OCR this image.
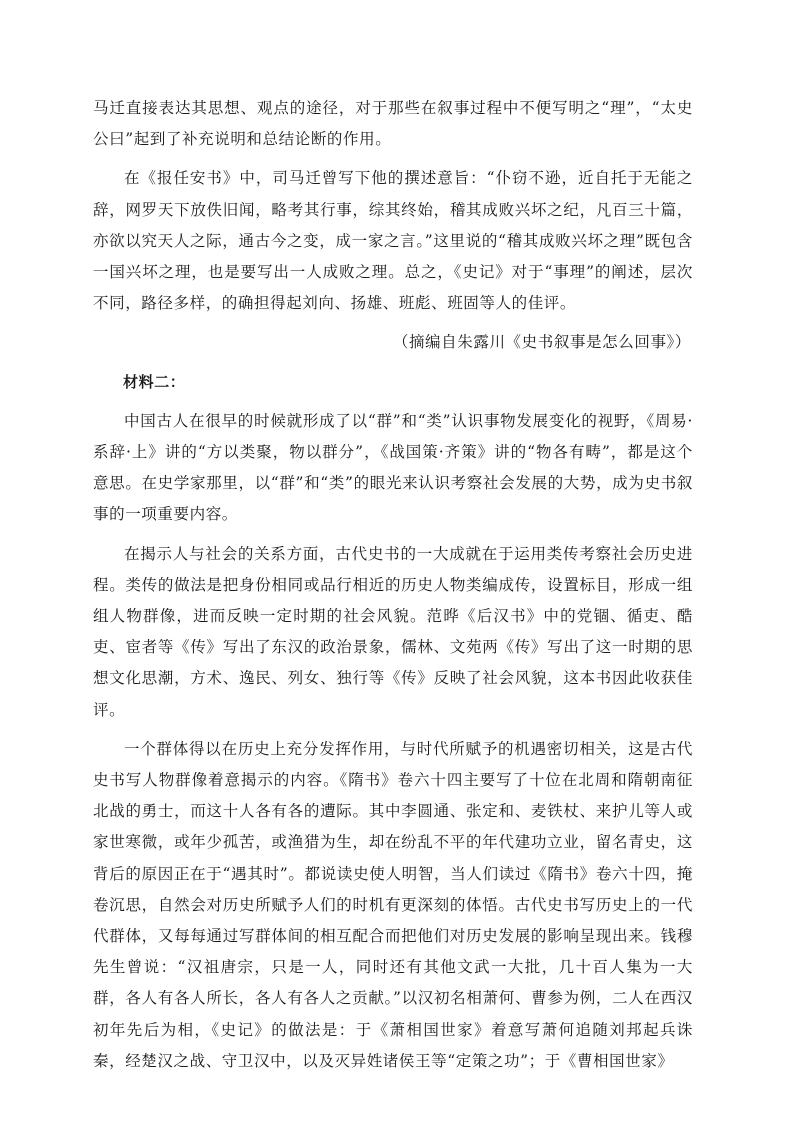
马迁直接表达其思想、观点的途径，对于那些在叙事过程中不便写明之“理”，“太史公曰”起到了补充说明和总结论断的作用。

在《报任安书》中，司马迁曾写下他的撰述意旨：“仆窃不逊，近自托于无能之辞，网罗天下放佚旧闻，略考其行事，综其终始，稽其成败兴坏之纪，凡百三十篇，亦欲以究天人之际，通古今之变，成一家之言。”这里说的“稽其成败兴坏之理”既包含一国兴坏之理，也是要写出一人成败之理。总之，《史记》对于“事理”的阐述，层次不同，路径多样，的确担得起刘向、扬雄、班彪、班固等人的佳评。

（摘编自朱露川《史书叙事是怎么回事》）

材料二：

中国古人在很早的时候就形成了以“群”和“类”认识事物发展变化的视野，《周易·系辞·上》讲的“方以类聚，物以群分”，《战国策·齐策》讲的“物各有畴”，都是这个意思。在史学家那里，以“群”和“类”的眼光来认识考察社会发展的大势，成为史书叙事的一项重要内容。

在揭示人与社会的关系方面，古代史书的一大成就在于运用类传考察社会历史进程。类传的做法是把身份相同或品行相近的历史人物类编成传，设置标目，形成一组组人物群像，进而反映一定时期的社会风貌。范晔《后汉书》中的党锢、循吏、酷吏、宦者等《传》写出了东汉的政治景象，儒林、文苑两《传》写出了这一时期的思想文化思潮，方术、逸民、列女、独行等《传》反映了社会风貌，这本书因此收获佳评。

一个群体得以在历史上充分发挥作用，与时代所赋予的机遇密切相关，这是古代史书写人物群像着意揭示的内容。《隋书》卷六十四主要写了十位在北周和隋朝南征北战的勇士，而这十人各有各的遭际。其中李圆通、张定和、麦铁杖、来护儿等人或家世寒微，或年少孤苦，或渔猎为生，却在纷乱不平的年代建功立业，留名青史，这背后的原因正在于“遇其时”。都说读史使人明智，当人们读过《隋书》卷六十四，掩卷沉思，自然会对历史所赋予人们的时机有更深刻的体悟。古代史书写历史上的一代代群体，又每每通过写群体间的相互配合而把他们对历史发展的影响呈现出来。钱穆先生曾说：“汉祖唐宗，只是一人，同时还有其他文武一大批，几十百人集为一大群，各人有各人所长，各人有各人之贡献。”以汉初名相萧何、曹参为例，二人在西汉初年先后为相，《史记》的做法是：于《萧相国世家》着意写萧何追随刘邦起兵诛秦，经楚汉之战、守卫汉中，以及灭异姓诸侯王等“定策之功”；于《曹相国世家》
